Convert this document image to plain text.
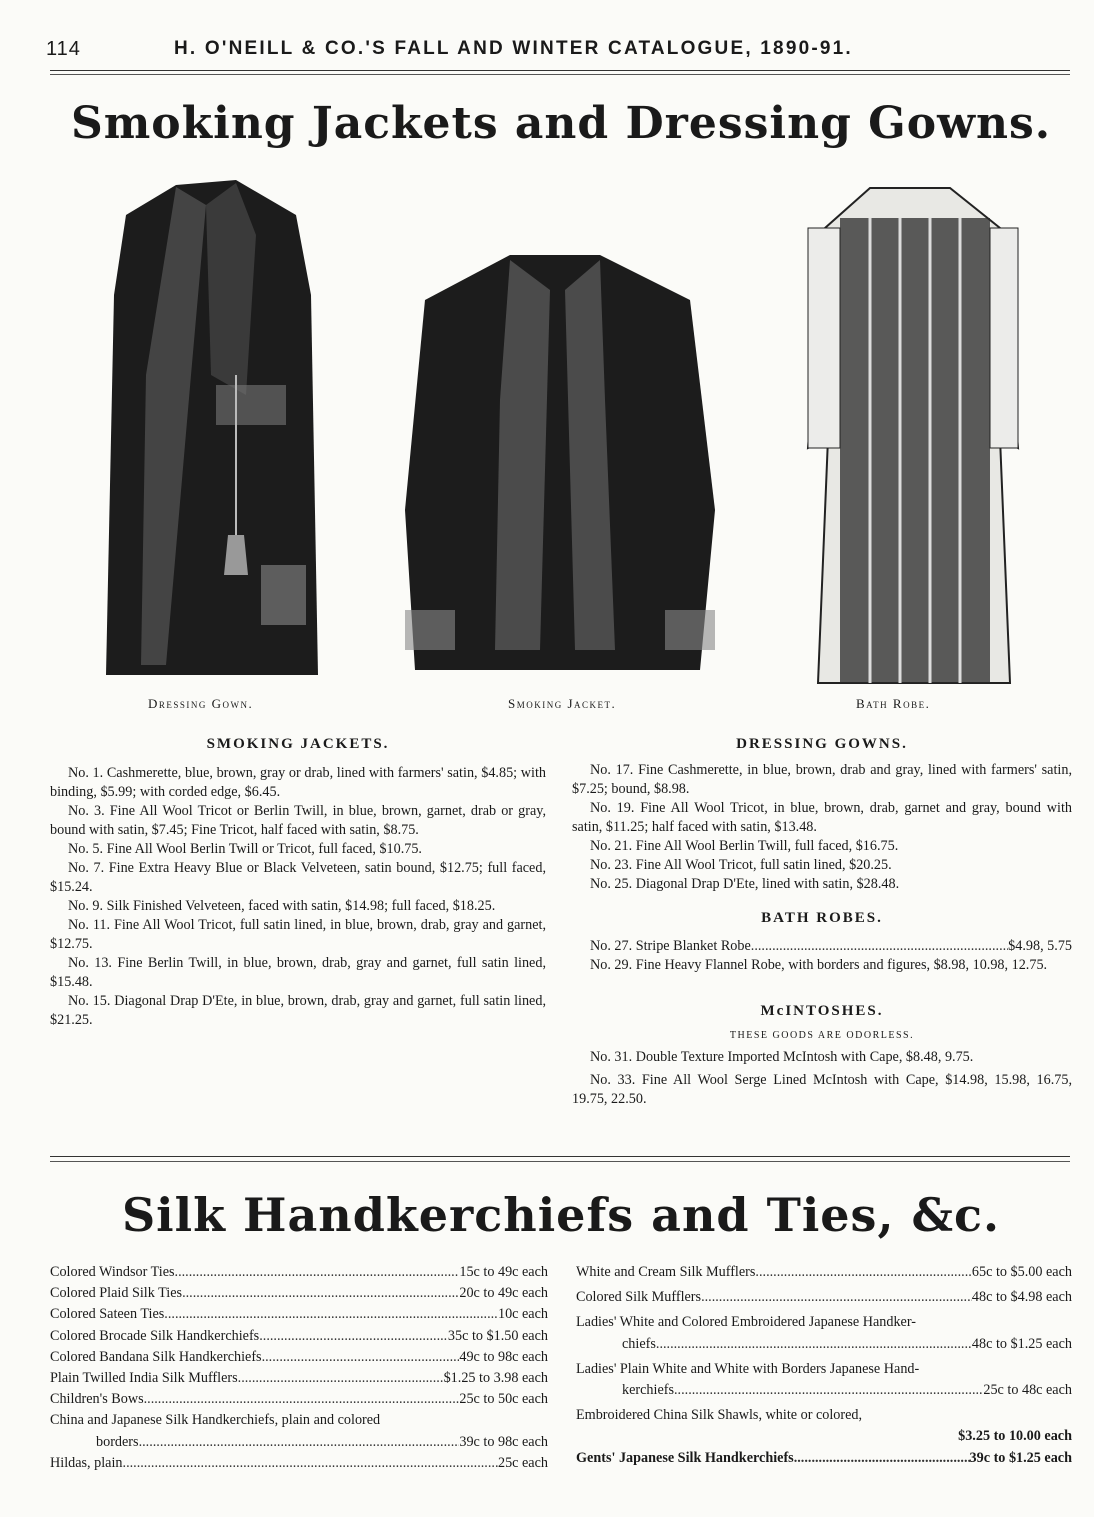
114	H. O'NEILL & CO.'S FALL AND WINTER CATALOGUE, 1890-91.
Smoking Jackets and Dressing Gowns.
Dressing Gown.	Smoking Jacket.	Bath Robe.
SMOKING JACKETS.

No. 1. Cashmerette, blue, brown, gray or drab, lined with farmers' satin, $4.85; with binding, $5.99; with corded edge, $6.45.

No. 3. Fine All Wool Tricot or Berlin Twill, in blue, brown, garnet, drab or gray, bound with satin, $7.45; Fine Tricot, half faced with satin, $8.75.

No. 5. Fine All Wool Berlin Twill or Tricot, full faced, $10.75.

No. 7. Fine Extra Heavy Blue or Black Velveteen, satin bound, $12.75; full faced, $15.24.

No. 9. Silk Finished Velveteen, faced with satin, $14.98; full faced, $18.25.

No. 11. Fine All Wool Tricot, full satin lined, in blue, brown, drab, gray and garnet, $12.75.

No. 13. Fine Berlin Twill, in blue, brown, drab, gray and garnet, full satin lined, $15.48.

No. 15. Diagonal Drap D'Ete, in blue, brown, drab, gray and garnet, full satin lined, $21.25.

DRESSING GOWNS.

No. 17. Fine Cashmerette, in blue, brown, drab and gray, lined with farmers' satin, $7.25; bound, $8.98.

No. 19. Fine All Wool Tricot, in blue, brown, drab, garnet and gray, bound with satin, $11.25; half faced with satin, $13.48.

No. 21. Fine All Wool Berlin Twill, full faced, $16.75.

No. 23. Fine All Wool Tricot, full satin lined, $20.25.

No. 25. Diagonal Drap D'Ete, lined with satin, $28.48.

BATH ROBES.
No. 27. Stripe Blanket Robe .....	$4.98, 5.75

No. 29. Fine Heavy Flannel Robe, with borders and figures, $8.98, 10.98, 12.75.

McINTOSHES.
THESE GOODS ARE ODORLESS.

No. 31. Double Texture Imported McIntosh with Cape, $8.48, 9.75.

No. 33. Fine All Wool Serge Lined McIntosh with Cape, $14.98, 15.98, 16.75, 19.75, 22.50.

Silk Handkerchiefs and Ties, &c.
Colored Windsor Ties .....	15c to 49c each
Colored Plaid Silk Ties .....	20c to 49c each
Colored Sateen Ties .....	10c each
Colored Brocade Silk Handkerchiefs .....	35c to $1.50 each
Colored Bandana Silk Handkerchiefs .....	49c to 98c each
Plain Twilled India Silk Mufflers .....	$1.25 to 3.98 each
Children's Bows .....	25c to 50c each
China and Japanese Silk Handkerchiefs, plain and colored
borders .....	39c to 98c each
Hildas, plain .....	25c each
White and Cream Silk Mufflers .....	65c to $5.00 each
Colored Silk Mufflers .....	48c to $4.98 each
Ladies' White and Colored Embroidered Japanese Handker-
chiefs .....	48c to $1.25 each
Ladies' Plain White and White with Borders Japanese Hand-
kerchiefs .....	25c to 48c each
Embroidered China Silk Shawls, white or colored,
$3.25 to 10.00 each
Gents' Japanese Silk Handkerchiefs .....	39c to $1.25 each
